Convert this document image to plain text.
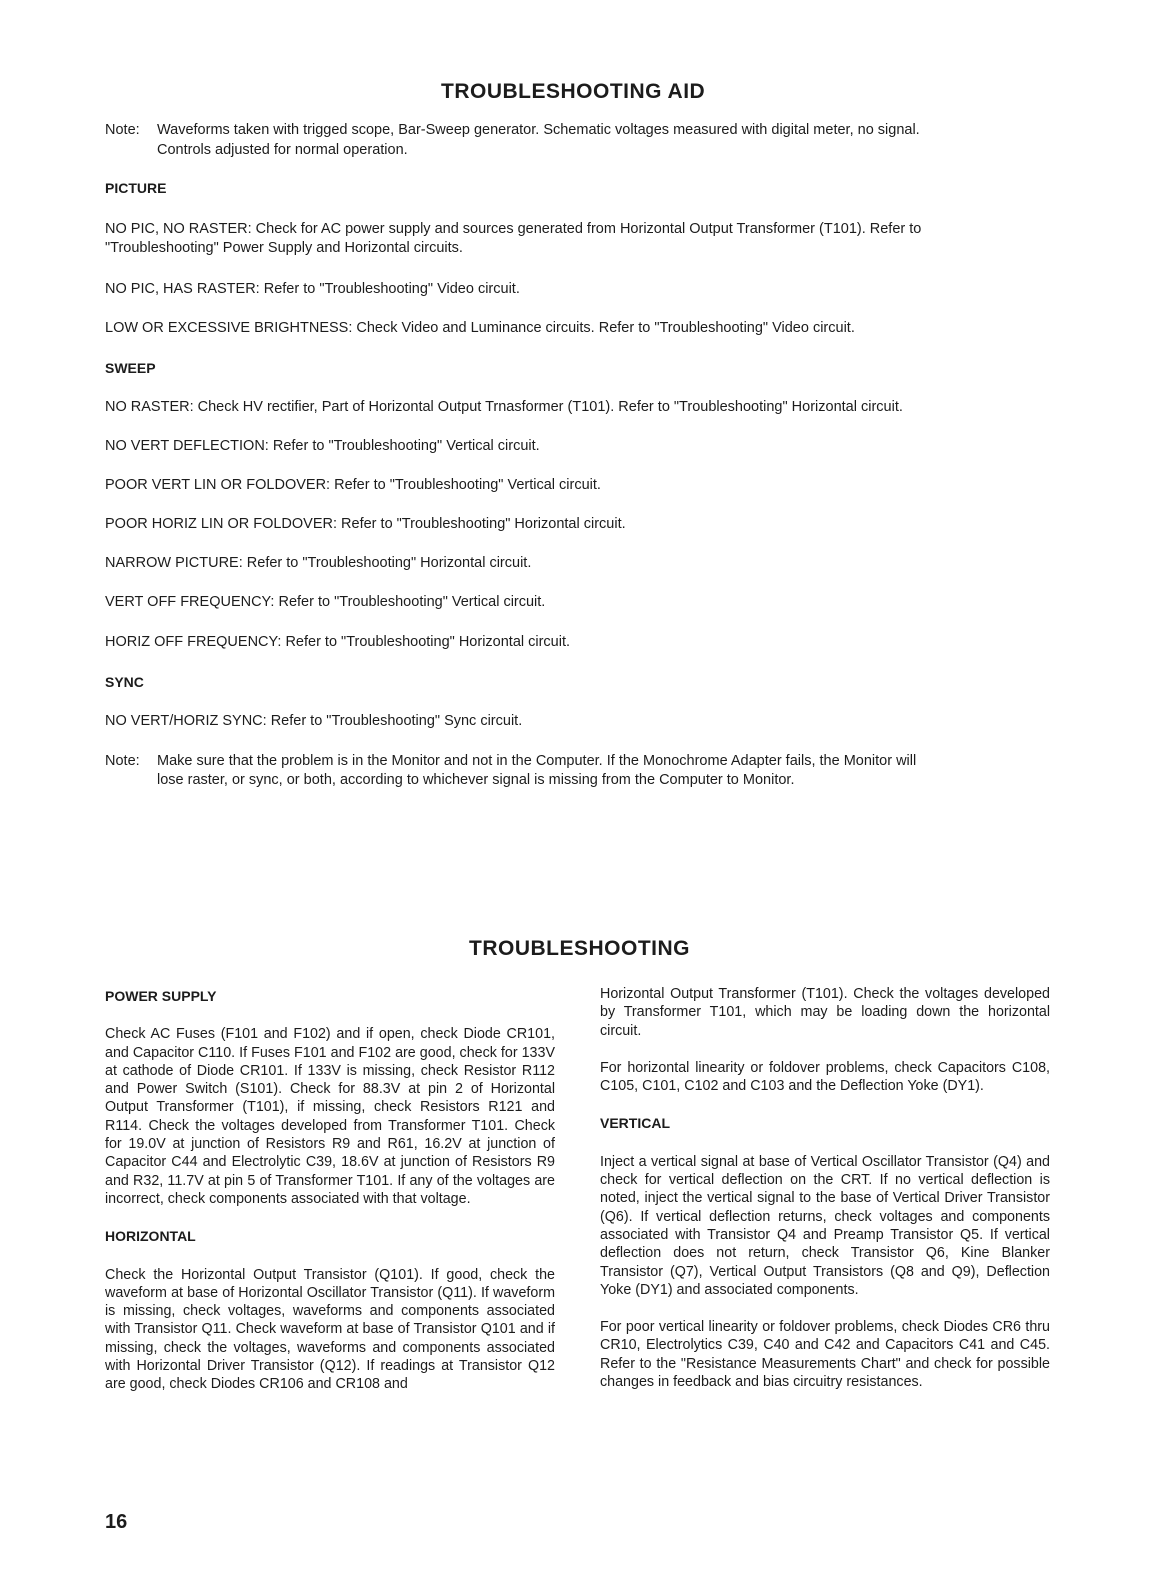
TROUBLESHOOTING AID
Note: Waveforms taken with trigged scope, Bar-Sweep generator. Schematic voltages measured with digital meter, no signal.
Controls adjusted for normal operation.
PICTURE
NO PIC, NO RASTER: Check for AC power supply and sources generated from Horizontal Output Transformer (T101). Refer to
"Troubleshooting" Power Supply and Horizontal circuits.
NO PIC, HAS RASTER: Refer to "Troubleshooting" Video circuit.
LOW OR EXCESSIVE BRIGHTNESS: Check Video and Luminance circuits. Refer to "Troubleshooting" Video circuit.
SWEEP
NO RASTER: Check HV rectifier, Part of Horizontal Output Trnasformer (T101). Refer to "Troubleshooting" Horizontal circuit.
NO VERT DEFLECTION: Refer to "Troubleshooting" Vertical circuit.
POOR VERT LIN OR FOLDOVER: Refer to "Troubleshooting" Vertical circuit.
POOR HORIZ LIN OR FOLDOVER: Refer to "Troubleshooting" Horizontal circuit.
NARROW PICTURE: Refer to "Troubleshooting" Horizontal circuit.
VERT OFF FREQUENCY: Refer to "Troubleshooting" Vertical circuit.
HORIZ OFF FREQUENCY: Refer to "Troubleshooting" Horizontal circuit.
SYNC
NO VERT/HORIZ SYNC: Refer to "Troubleshooting" Sync circuit.
Note: Make sure that the problem is in the Monitor and not in the Computer. If the Monochrome Adapter fails, the Monitor will
lose raster, or sync, or both, according to whichever signal is missing from the Computer to Monitor.
TROUBLESHOOTING
POWER SUPPLY

Check AC Fuses (F101 and F102) and if open, check Diode CR101, and Capacitor C110. If Fuses F101 and F102 are good, check for 133V at cathode of Diode CR101. If 133V is missing, check Resistor R112 and Power Switch (S101). Check for 88.3V at pin 2 of Horizontal Output Transformer (T101), if missing, check Resistors R121 and R114. Check the voltages developed from Transformer T101. Check for 19.0V at junction of Resistors R9 and R61, 16.2V at junction of Capacitor C44 and Electrolytic C39, 18.6V at junction of Resistors R9 and R32, 11.7V at pin 5 of Transformer T101. If any of the voltages are incorrect, check components associated with that voltage.

HORIZONTAL

Check the Horizontal Output Transistor (Q101). If good, check the waveform at base of Horizontal Oscillator Transistor (Q11). If waveform is missing, check voltages, waveforms and components associated with Transistor Q11. Check waveform at base of Transistor Q101 and if missing, check the voltages, waveforms and components associated with Horizontal Driver Transistor (Q12). If readings at Transistor Q12 are good, check Diodes CR106 and CR108 and

Horizontal Output Transformer (T101). Check the voltages developed by Transformer T101, which may be loading down the horizontal circuit.

For horizontal linearity or foldover problems, check Capacitors C108, C105, C101, C102 and C103 and the Deflection Yoke (DY1).

VERTICAL

Inject a vertical signal at base of Vertical Oscillator Transistor (Q4) and check for vertical deflection on the CRT. If no vertical deflection is noted, inject the vertical signal to the base of Vertical Driver Transistor (Q6). If vertical deflection returns, check voltages and components associated with Transistor Q4 and Preamp Transistor Q5. If vertical deflection does not return, check Transistor Q6, Kine Blanker Transistor (Q7), Vertical Output Transistors (Q8 and Q9), Deflection Yoke (DY1) and associated components.

For poor vertical linearity or foldover problems, check Diodes CR6 thru CR10, Electrolytics C39, C40 and C42 and Capacitors C41 and C45. Refer to the "Resistance Measurements Chart" and check for possible changes in feedback and bias circuitry resistances.

16
